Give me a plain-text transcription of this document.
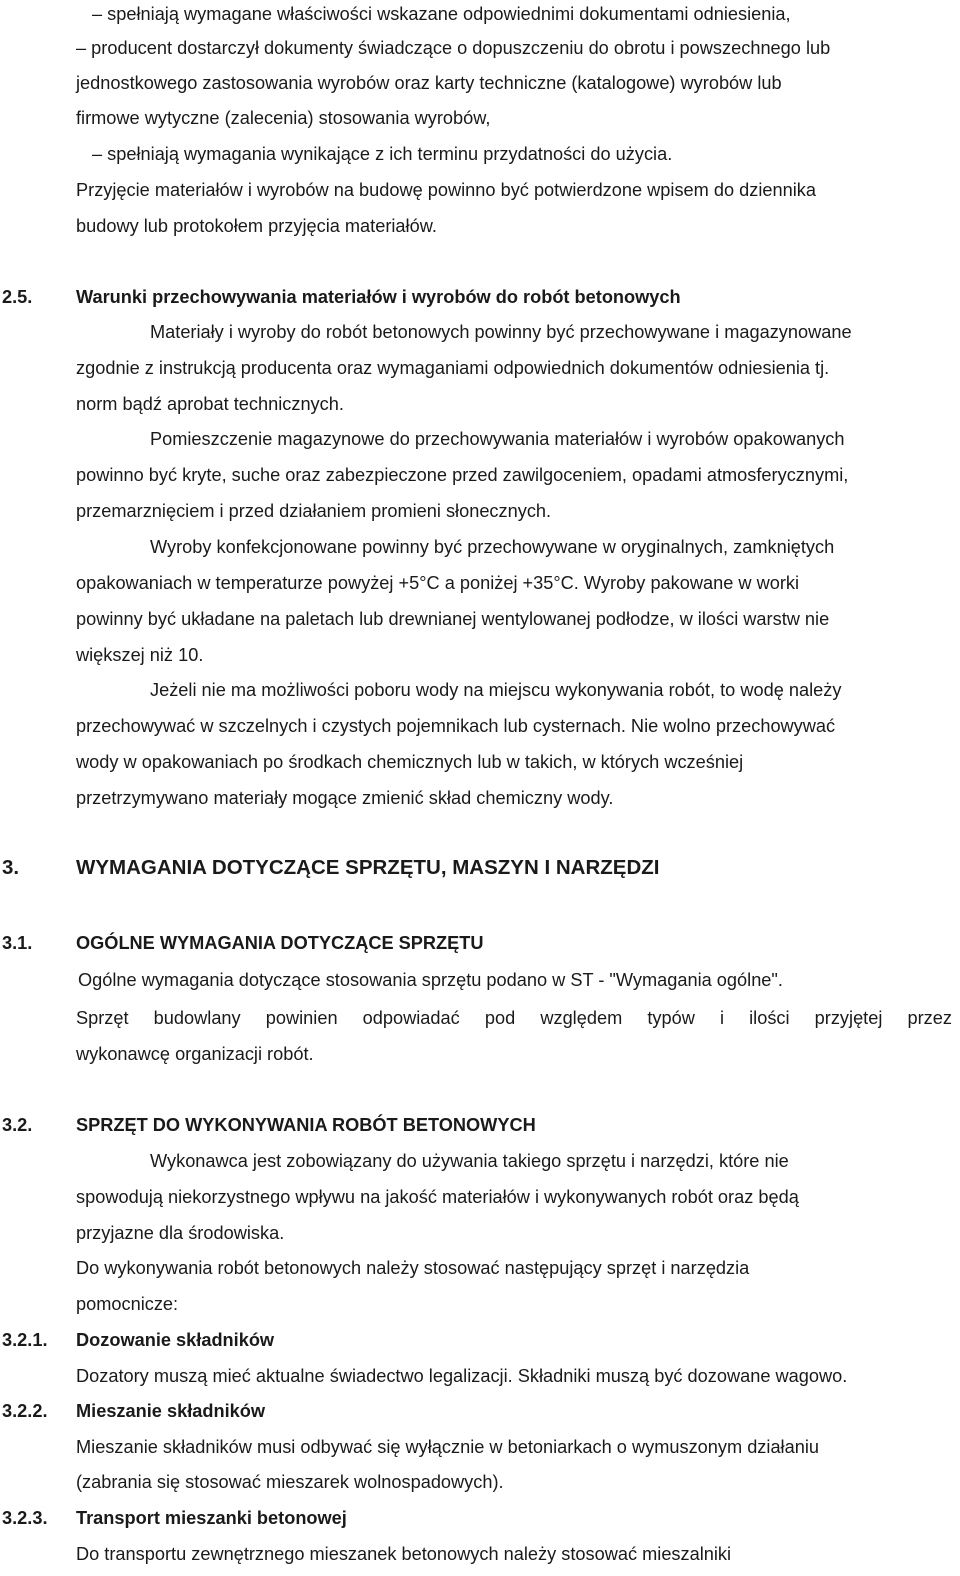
– spełniają wymagane właściwości wskazane odpowiednimi dokumentami odniesienia,
– producent dostarczył dokumenty świadczące o dopuszczeniu do obrotu i powszechnego lub
jednostkowego zastosowania wyrobów oraz karty techniczne (katalogowe) wyrobów lub
firmowe wytyczne (zalecenia) stosowania wyrobów,
– spełniają wymagania wynikające z ich terminu przydatności do użycia.
Przyjęcie materiałów i wyrobów na budowę powinno być potwierdzone wpisem do dziennika
budowy lub protokołem przyjęcia materiałów.
2.5. Warunki przechowywania materiałów i wyrobów do robót betonowych
Materiały i wyroby do robót betonowych powinny być przechowywane i magazynowane
zgodnie z instrukcją producenta oraz wymaganiami odpowiednich dokumentów odniesienia tj.
norm bądź aprobat technicznych.
Pomieszczenie magazynowe do przechowywania materiałów i wyrobów opakowanych
powinno być kryte, suche oraz zabezpieczone przed zawilgoceniem, opadami atmosferycznymi,
przemarznięciem i przed działaniem promieni słonecznych.
Wyroby konfekcjonowane powinny być przechowywane w oryginalnych, zamkniętych
opakowaniach w temperaturze powyżej +5°C a poniżej +35°C. Wyroby pakowane w worki
powinny być układane na paletach lub drewnianej wentylowanej podłodze, w ilości warstw nie
większej niż 10.
Jeżeli nie ma możliwości poboru wody na miejscu wykonywania robót, to wodę należy
przechowywać w szczelnych i czystych pojemnikach lub cysternach. Nie wolno przechowywać
wody w opakowaniach po środkach chemicznych lub w takich, w których wcześniej
przetrzymywano materiały mogące zmienić skład chemiczny wody.
3.	WYMAGANIA DOTYCZĄCE SPRZĘTU, MASZYN I NARZĘDZI
3.1. OGÓLNE WYMAGANIA DOTYCZĄCE SPRZĘTU
Ogólne wymagania dotyczące stosowania sprzętu podano w ST - "Wymagania ogólne".
Sprzęt budowlany powinien odpowiadać pod względem typów i ilości przyjętej przez
wykonawcę organizacji robót.
3.2. SPRZĘT DO WYKONYWANIA ROBÓT BETONOWYCH
Wykonawca jest zobowiązany do używania takiego sprzętu i narzędzi, które nie
spowodują niekorzystnego wpływu na jakość materiałów i wykonywanych robót oraz będą
przyjazne dla środowiska.
Do wykonywania robót betonowych należy stosować następujący sprzęt i narzędzia
pomocnicze:
3.2.1. Dozowanie składników
Dozatory muszą mieć aktualne świadectwo legalizacji. Składniki muszą być dozowane wagowo.
3.2.2. Mieszanie składników
Mieszanie składników musi odbywać się wyłącznie w betoniarkach o wymuszonym działaniu
(zabrania się stosować mieszarek wolnospadowych).
3.2.3. Transport mieszanki betonowej
Do transportu zewnętrznego mieszanek betonowych należy stosować mieszalniki
